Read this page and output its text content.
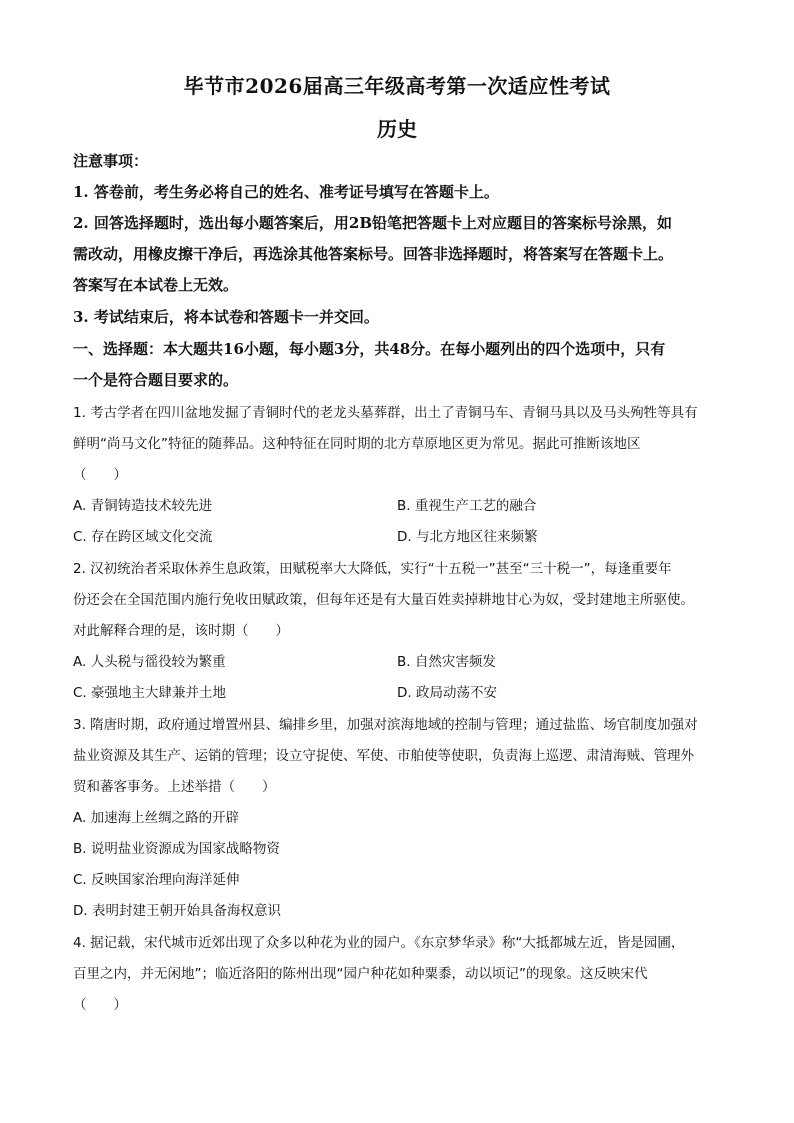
毕节市2026届高三年级高考第一次适应性考试
历史
注意事项：
1. 答卷前，考生务必将自己的姓名、准考证号填写在答题卡上。
2. 回答选择题时，选出每小题答案后，用2B铅笔把答题卡上对应题目的答案标号涂黑，如
需改动，用橡皮擦干净后，再选涂其他答案标号。回答非选择题时，将答案写在答题卡上。
答案写在本试卷上无效。
3. 考试结束后，将本试卷和答题卡一并交回。
一、选择题：本大题共16小题，每小题3分，共48分。在每小题列出的四个选项中，只有
一个是符合题目要求的。
1. 考古学者在四川盆地发掘了青铜时代的老龙头墓葬群，出土了青铜马车、青铜马具以及马头殉牲等具有
鲜明“尚马文化”特征的随葬品。这种特征在同时期的北方草原地区更为常见。据此可推断该地区
（　　）
A. 青铜铸造技术较先进	B. 重视生产工艺的融合
C. 存在跨区域文化交流	D. 与北方地区往来频繁
2. 汉初统治者采取休养生息政策，田赋税率大大降低，实行“十五税一”甚至“三十税一”，每逢重要年
份还会在全国范围内施行免收田赋政策，但每年还是有大量百姓卖掉耕地甘心为奴，受封建地主所驱使。
对此解释合理的是，该时期（　　）
A. 人头税与徭役较为繁重	B. 自然灾害频发
C. 豪强地主大肆兼并土地	D. 政局动荡不安
3. 隋唐时期，政府通过增置州县、编排乡里，加强对滨海地域的控制与管理；通过盐监、场官制度加强对
盐业资源及其生产、运销的管理；设立守捉使、军使、市舶使等使职，负责海上巡逻、肃清海贼、管理外
贸和蕃客事务。上述举措（　　）
A. 加速海上丝绸之路的开辟
B. 说明盐业资源成为国家战略物资
C. 反映国家治理向海洋延伸
D. 表明封建王朝开始具备海权意识
4. 据记载，宋代城市近郊出现了众多以种花为业的园户。《东京梦华录》称“大抵都城左近，皆是园圃，
百里之内，并无闲地”；临近洛阳的陈州出现“园户种花如种粟黍，动以顷记”的现象。这反映宋代
（　　）
